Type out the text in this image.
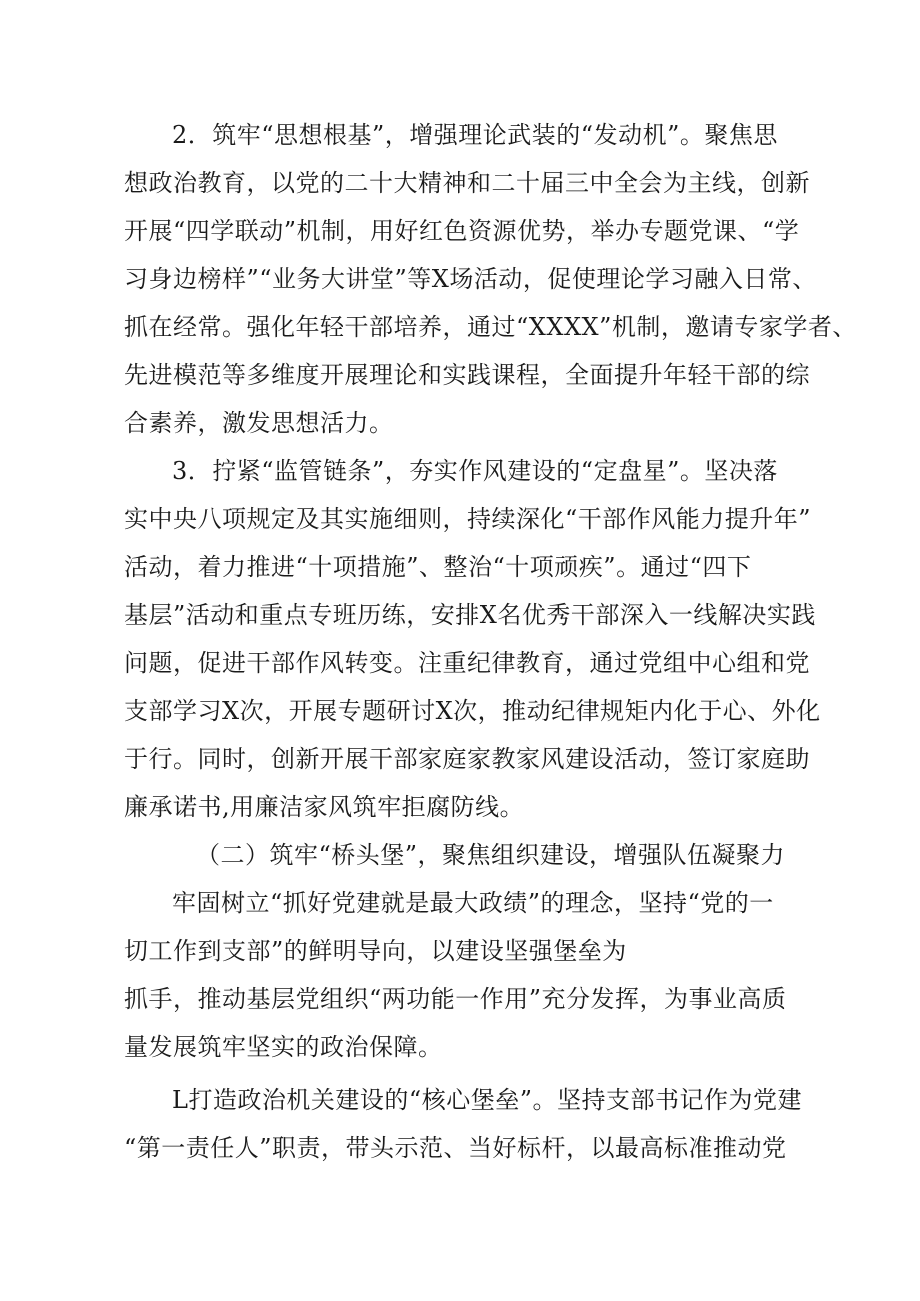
2．筑牢“思想根基”，增强理论武装的“发动机”。聚焦思
想政治教育，以党的二十大精神和二十届三中全会为主线，创新
开展“四学联动”机制，用好红色资源优势，举办专题党课、“学
习身边榜样”“业务大讲堂”等X场活动，促使理论学习融入日常、
抓在经常。强化年轻干部培养，通过“XXXX”机制，邀请专家学者、
先进模范等多维度开展理论和实践课程，全面提升年轻干部的综
合素养，激发思想活力。
3．拧紧“监管链条”，夯实作风建设的“定盘星”。坚决落
实中央八项规定及其实施细则，持续深化“干部作风能力提升年”
活动，着力推进“十项措施”、整治“十项顽疾”。通过“四下
基层”活动和重点专班历练，安排X名优秀干部深入一线解决实践
问题，促进干部作风转变。注重纪律教育，通过党组中心组和党
支部学习X次，开展专题研讨X次，推动纪律规矩内化于心、外化
于行。同时，创新开展干部家庭家教家风建设活动，签订家庭助
廉承诺书,用廉洁家风筑牢拒腐防线。
（二）筑牢“桥头堡”，聚焦组织建设，增强队伍凝聚力
牢固树立“抓好党建就是最大政绩”的理念，坚持“党的一
切工作到支部”的鲜明导向，以建设坚强堡垒为
抓手，推动基层党组织“两功能一作用”充分发挥，为事业高质
量发展筑牢坚实的政治保障。
L打造政治机关建设的“核心堡垒”。坚持支部书记作为党建
“第一责任人”职责，带头示范、当好标杆，以最高标准推动党
